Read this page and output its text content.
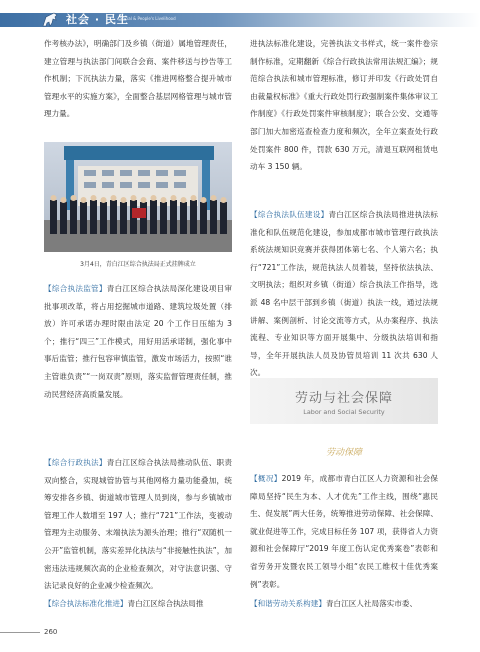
社会 · 民生
Social & People's Livelihood

作考核办法》，明确部门及乡镇（街道）属地管理责任，建立管理与执法部门间联合会商、案件移送与抄告等工作机制；下沉执法力量，落实《推进网格整合提升城市管理水平的实施方案》，全面整合基层网格管理与城市管理力量。

3月4日，青白江区综合执法局正式挂牌成立

【综合执法监管】青白江区综合执法局深化建设项目审批事项改革，将占用挖掘城市道路、建筑垃圾处置（排放）许可承诺办理时限由法定 20 个工作日压缩为 3 个；推行“四三”工作模式，用好用活承诺制，强化事中事后监管；推行包容审慎监管，激发市场活力，按照“谁主管谁负责”“一岗双责”原则，落实监督管理责任制，推动民营经济高质量发展。

【综合行政执法】青白江区综合执法局推动队伍、职责双向整合，实现城管协管与其他网格力量功能叠加，统筹安排各乡镇、街道城市管理人员到岗，参与乡镇城市管理工作人数增至 197 人；推行“721”工作法，变被动管理为主动服务、末端执法为源头治理；推行“双随机一公开”监管机制，落实差异化执法与“非接触性执法”，加密违法违规频次高的企业检查频次，对守法意识强、守法记录良好的企业减少检查频次。

【综合执法标准化推进】青白江区综合执法局推

进执法标准化建设，完善执法文书样式，统一案件卷宗制作标准，定期翻新《综合行政执法常用法规汇编》；规范综合执法和城市管理标准，修订并印发《行政处罚自由裁量权标准》《重大行政处罚行政强制案件集体审议工作制度》《行政处罚案件审核制度》；联合公安、交通等部门加大加密巡查检查力度和频次，全年立案查处行政处罚案件 800 件，罚款 630 万元，清退互联网租赁电动车 3 150 辆。

【综合执法队伍建设】青白江区综合执法局推进执法标准化和队伍规范化建设，参加成都市城市管理行政执法系统法规知识竞赛并获得团体第七名、个人第六名；执行“721”工作法，规范执法人员着装，坚持依法执法、文明执法；组织对乡镇（街道）综合执法工作指导，选派 48 名中层干部到乡镇（街道）执法一线，通过法规讲解、案例剖析、讨论交流等方式，从办案程序、执法流程、专业知识等方面开展集中、分级执法培训和指导，全年开展执法人员及协管员培训 11 次共 630 人次。

劳动与社会保障
Labor and Social Security
劳动保障

【概况】2019 年，成都市青白江区人力资源和社会保障局坚持“民生为本、人才优先”工作主线，围绕“惠民生、促发展”两大任务，统筹推进劳动保障、社会保障、就业促进等工作，完成目标任务 107 项，获得省人力资源和社会保障厅“2019 年度工伤认定优秀案卷”表彰和省劳务开发暨农民工领导小组“农民工维权十佳优秀案例”表彰。

【和谐劳动关系构建】青白江区人社局落实市委、

260
